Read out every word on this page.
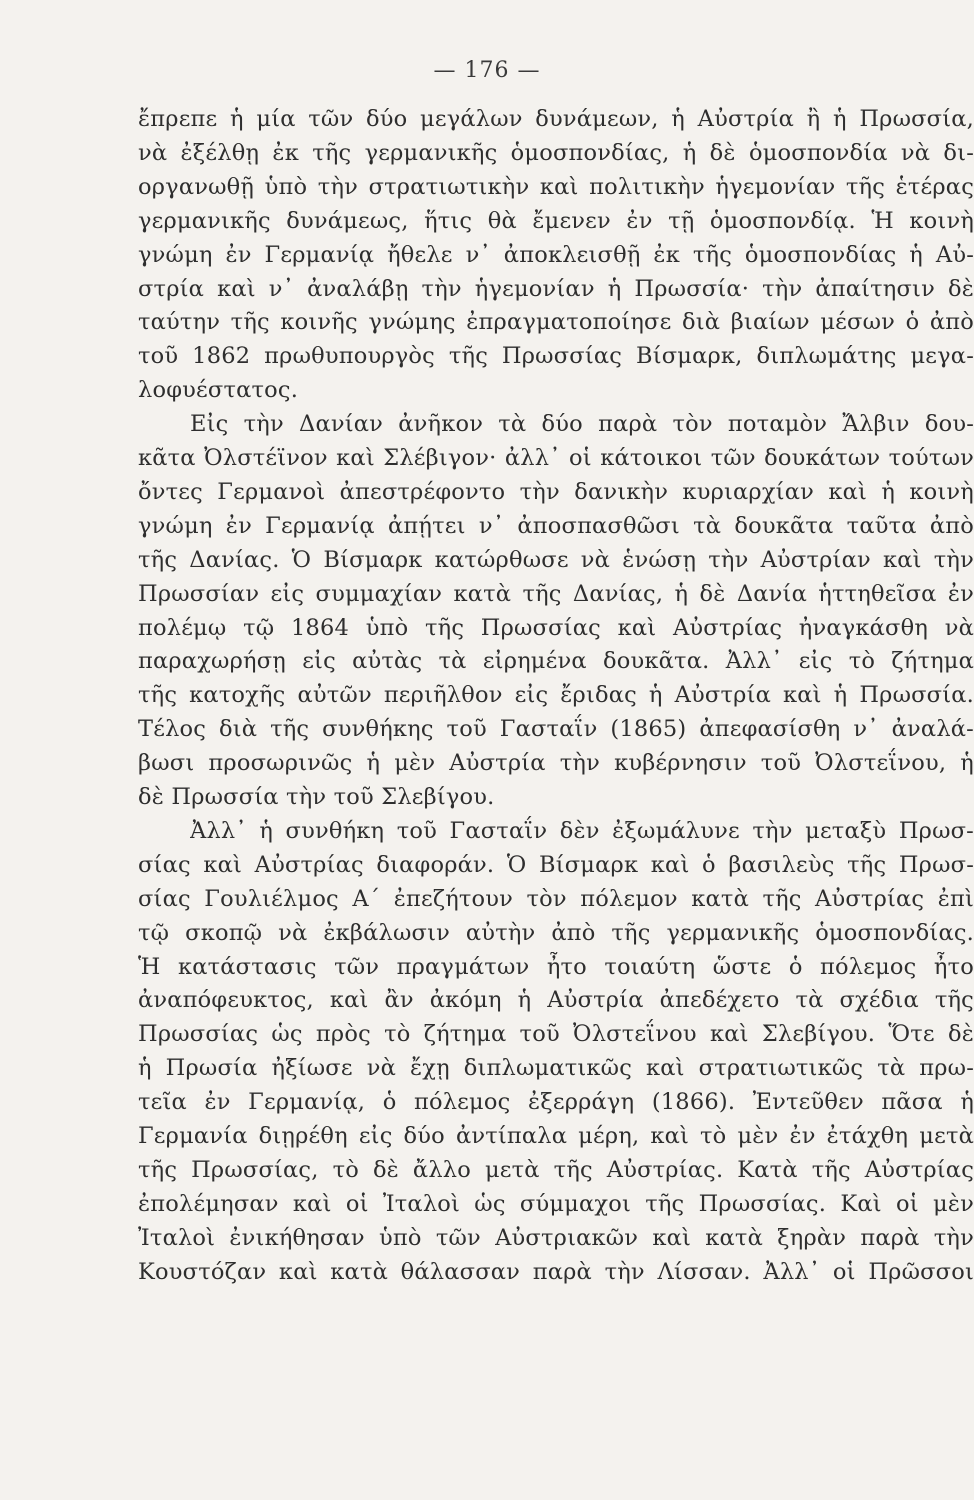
— 176 —
ἔπρεπε ἡ μία τῶν δύο μεγάλων δυνάμεων, ἡ Αὐστρία ἢ ἡ Πρωσσία,
νὰ ἐξέλθῃ ἐκ τῆς γερμανικῆς ὁμοσπονδίας, ἡ δὲ ὁμοσπονδία νὰ δι-
οργανωθῇ ὑπὸ τὴν στρατιωτικὴν καὶ πολιτικὴν ἡγεμονίαν τῆς ἑτέρας
γερμανικῆς δυνάμεως, ἥτις θὰ ἔμενεν ἐν τῇ ὁμοσπονδίᾳ. Ἡ κοινὴ
γνώμη ἐν Γερμανίᾳ ἤθελε ν᾽ ἀποκλεισθῇ ἐκ τῆς ὁμοσπονδίας ἡ Αὐ-
στρία καὶ ν᾽ ἀναλάβῃ τὴν ἡγεμονίαν ἡ Πρωσσία· τὴν ἀπαίτησιν δὲ
ταύτην τῆς κοινῆς γνώμης ἐπραγματοποίησε διὰ βιαίων μέσων ὁ ἀπὸ
τοῦ 1862 πρωθυπουργὸς τῆς Πρωσσίας Βίσμαρκ, διπλωμάτης μεγα-
λοφυέστατος.
Εἰς τὴν Δανίαν ἀνῆκον τὰ δύο παρὰ τὸν ποταμὸν Ἄλβιν δου-
κᾶτα Ὀλστέϊνον καὶ Σλέβιγον· ἀλλ᾽ οἱ κάτοικοι τῶν δουκάτων τούτων
ὄντες Γερμανοὶ ἀπεστρέφοντο τὴν δανικὴν κυριαρχίαν καὶ ἡ κοινὴ
γνώμη ἐν Γερμανίᾳ ἀπῄτει ν᾽ ἀποσπασθῶσι τὰ δουκᾶτα ταῦτα ἀπὸ
τῆς Δανίας. Ὁ Βίσμαρκ κατώρθωσε νὰ ἑνώσῃ τὴν Αὐστρίαν καὶ τὴν
Πρωσσίαν εἰς συμμαχίαν κατὰ τῆς Δανίας, ἡ δὲ Δανία ἡττηθεῖσα ἐν
πολέμῳ τῷ 1864 ὑπὸ τῆς Πρωσσίας καὶ Αὐστρίας ἠναγκάσθη νὰ
παραχωρήσῃ εἰς αὐτὰς τὰ εἰρημένα δουκᾶτα. Ἀλλ᾽ εἰς τὸ ζήτημα
τῆς κατοχῆς αὐτῶν περιῆλθον εἰς ἔριδας ἡ Αὐστρία καὶ ἡ Πρωσσία.
Τέλος διὰ τῆς συνθήκης τοῦ Γασταΐν (1865) ἀπεφασίσθη ν᾽ ἀναλά-
βωσι προσωρινῶς ἡ μὲν Αὐστρία τὴν κυβέρνησιν τοῦ Ὀλστεΐνου, ἡ
δὲ Πρωσσία τὴν τοῦ Σλεβίγου.
Ἀλλ᾽ ἡ συνθήκη τοῦ Γασταΐν δὲν ἐξωμάλυνε τὴν μεταξὺ Πρωσ-
σίας καὶ Αὐστρίας διαφοράν. Ὁ Βίσμαρκ καὶ ὁ βασιλεὺς τῆς Πρωσ-
σίας Γουλιέλμος Α΄ ἐπεζήτουν τὸν πόλεμον κατὰ τῆς Αὐστρίας ἐπὶ
τῷ σκοπῷ νὰ ἐκβάλωσιν αὐτὴν ἀπὸ τῆς γερμανικῆς ὁμοσπονδίας.
Ἡ κατάστασις τῶν πραγμάτων ἦτο τοιαύτη ὥστε ὁ πόλεμος ἦτο
ἀναπόφευκτος, καὶ ἂν ἀκόμη ἡ Αὐστρία ἀπεδέχετο τὰ σχέδια τῆς
Πρωσσίας ὡς πρὸς τὸ ζήτημα τοῦ Ὀλστεΐνου καὶ Σλεβίγου. Ὅτε δὲ
ἡ Πρωσία ἠξίωσε νὰ ἔχῃ διπλωματικῶς καὶ στρατιωτικῶς τὰ πρω-
τεῖα ἐν Γερμανίᾳ, ὁ πόλεμος ἐξερράγη (1866). Ἐντεῦθεν πᾶσα ἡ
Γερμανία διῃρέθη εἰς δύο ἀντίπαλα μέρη, καὶ τὸ μὲν ἐν ἐτάχθη μετὰ
τῆς Πρωσσίας, τὸ δὲ ἄλλο μετὰ τῆς Αὐστρίας. Κατὰ τῆς Αὐστρίας
ἐπολέμησαν καὶ οἱ Ἰταλοὶ ὡς σύμμαχοι τῆς Πρωσσίας. Καὶ οἱ μὲν
Ἰταλοὶ ἐνικήθησαν ὑπὸ τῶν Αὐστριακῶν καὶ κατὰ ξηρὰν παρὰ τὴν
Κουστόζαν καὶ κατὰ θάλασσαν παρὰ τὴν Λίσσαν. Ἀλλ᾽ οἱ Πρῶσσοι
